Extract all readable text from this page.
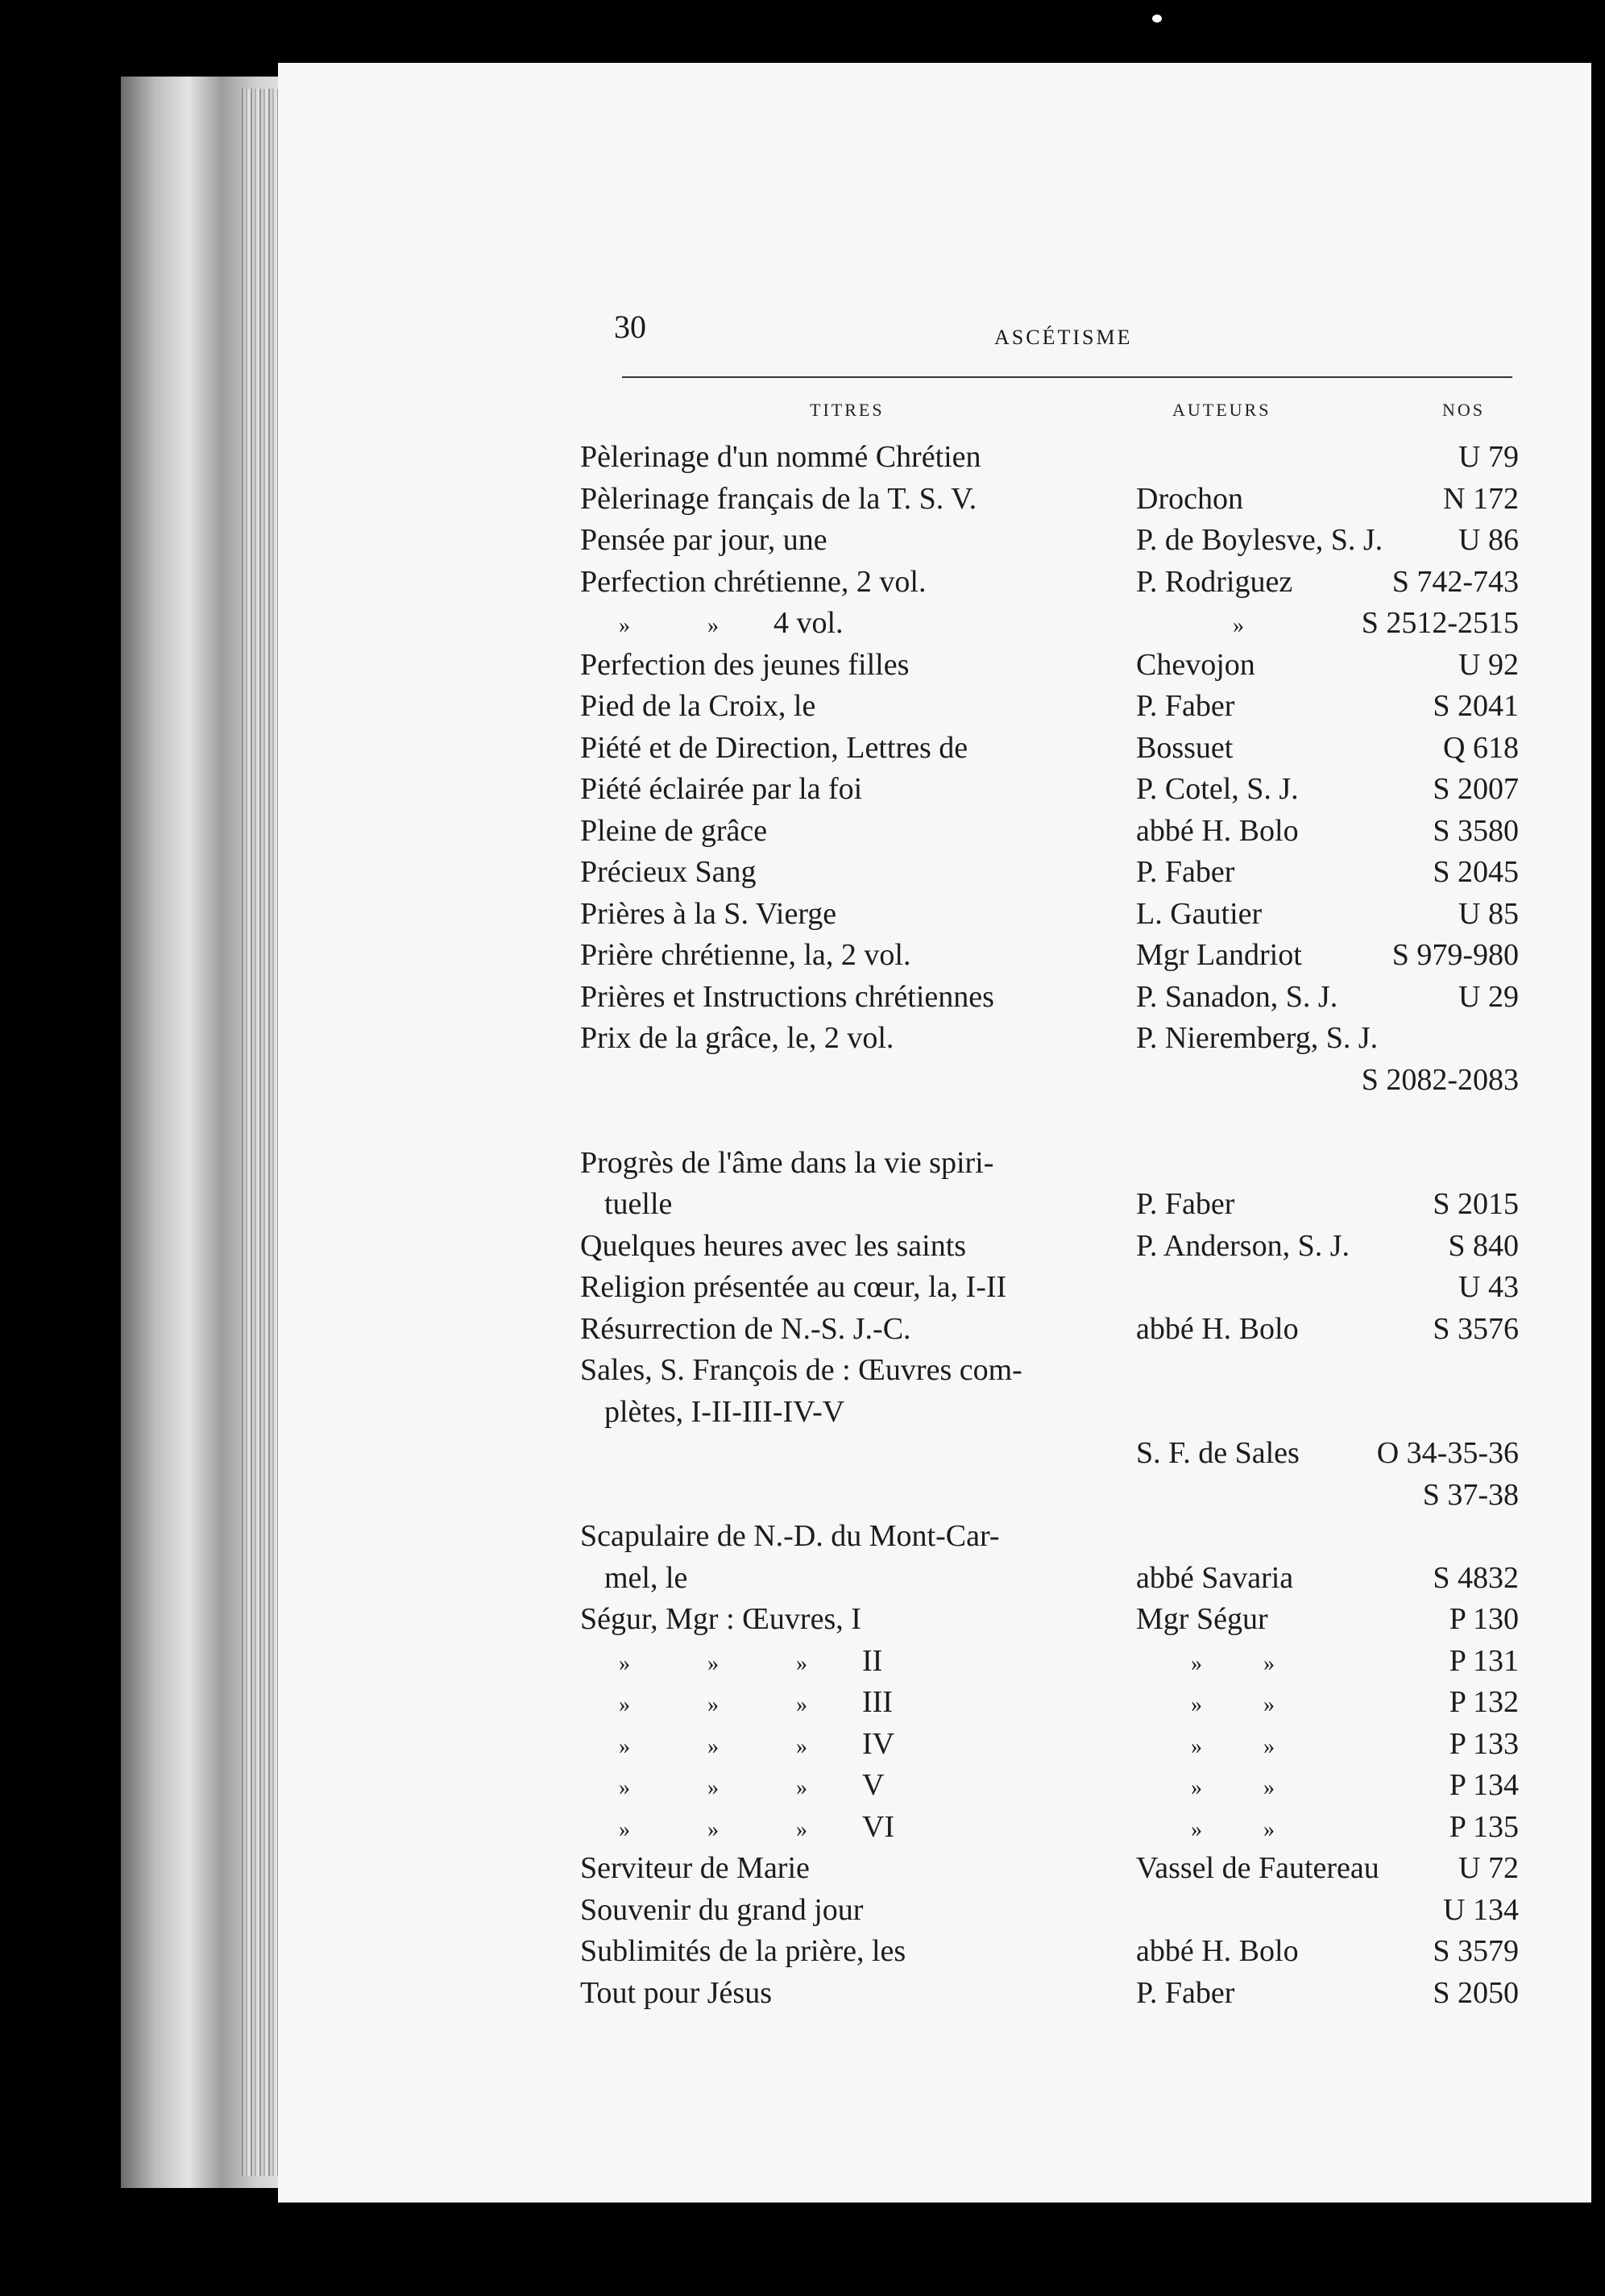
30	ASCÉTISME
TITRES	AUTEURS	NOS
Pèlerinage d'un nommé Chrétien	U 79
Pèlerinage français de la T. S. V.	Drochon	N 172
Pensée par jour, une	P. de Boylesve, S. J.	U 86
Perfection chrétienne, 2 vol.	P. Rodriguez	S 742-743
»	» 4 vol.	»	S 2512-2515
Perfection des jeunes filles	Chevojon	U 92
Pied de la Croix, le	P. Faber	S 2041
Piété et de Direction, Lettres de	Bossuet	Q 618
Piété éclairée par la foi	P. Cotel, S. J.	S 2007
Pleine de grâce	abbé H. Bolo	S 3580
Précieux Sang	P. Faber	S 2045
Prières à la S. Vierge	L. Gautier	U 85
Prière chrétienne, la, 2 vol.	Mgr Landriot	S 979-980
Prières et Instructions chrétiennes	P. Sanadon, S. J.	U 29
Prix de la grâce, le, 2 vol.	P. Nieremberg, S. J.
S 2082-2083
Progrès de l'âme dans la vie spiri-
tuelle	P. Faber	S 2015
Quelques heures avec les saints	P. Anderson, S. J.	S 840
Religion présentée au cœur, la, I-II	U 43
Résurrection de N.-S. J.-C.	abbé H. Bolo	S 3576
Sales, S. François de : Œuvres com-
plètes, I-II-III-IV-V
S. F. de Sales	O 34-35-36
S 37-38
Scapulaire de N.-D. du Mont-Car-
mel, le	abbé Savaria	S 4832
Ségur, Mgr : Œuvres, I	Mgr Ségur	P 130
»	»	» II	»	»	P 131
»	»	» III	»	»	P 132
»	»	» IV	»	»	P 133
»	»	» V	»	»	P 134
»	»	» VI	»	»	P 135
Serviteur de Marie	Vassel de Fautereau	U 72
Souvenir du grand jour	U 134
Sublimités de la prière, les	abbé H. Bolo	S 3579
Tout pour Jésus	P. Faber	S 2050
